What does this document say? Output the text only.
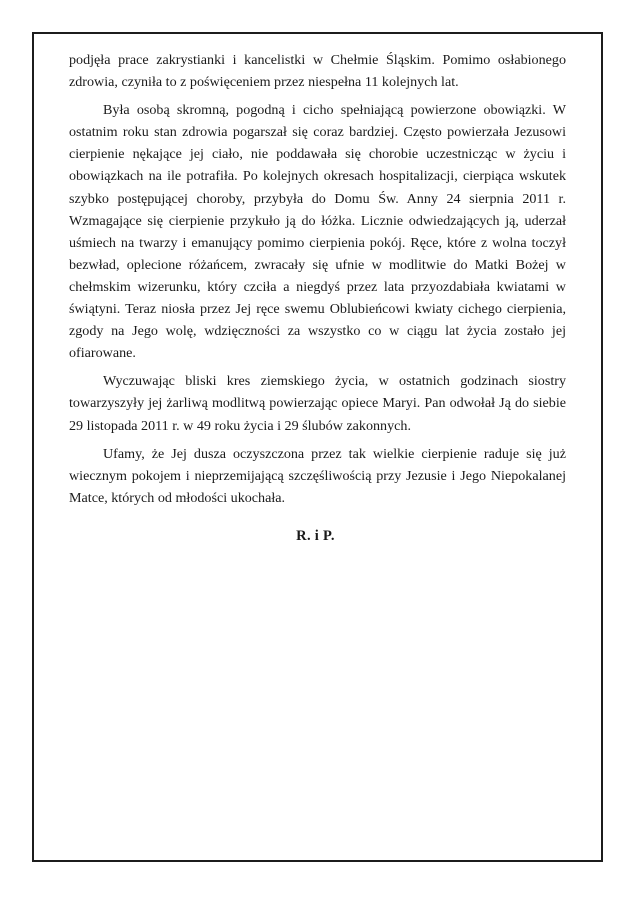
podjęła prace zakrystianki i kancelistki w Chełmie Śląskim. Pomimo osłabionego zdrowia, czyniła to z poświęceniem przez niespełna 11 kolejnych lat.

Była osobą skromną, pogodną i cicho spełniającą powierzone obowiązki. W ostatnim roku stan zdrowia pogarszał się coraz bardziej. Często powierzała Jezusowi cierpienie nękające jej ciało, nie poddawała się chorobie uczestnicząc w życiu i obowiązkach na ile potrafiła. Po kolejnych okresach hospitalizacji, cierpiąca wskutek szybko postępującej choroby, przybyła do Domu Św. Anny 24 sierpnia 2011 r. Wzmagające się cierpienie przykuło ją do łóżka. Licznie odwiedzających ją, uderzał uśmiech na twarzy i emanujący pomimo cierpienia pokój. Ręce, które z wolna toczył bezwład, oplecione różańcem, zwracały się ufnie w modlitwie do Matki Bożej w chełmskim wizerunku, który czciła a niegdyś przez lata przyozdabiała kwiatami w świątyni. Teraz niosła przez Jej ręce swemu Oblubieńcowi kwiaty cichego cierpienia, zgody na Jego wolę, wdzięczności za wszystko co w ciągu lat życia zostało jej ofiarowane.

Wyczuwając bliski kres ziemskiego życia, w ostatnich godzinach siostry towarzyszyły jej żarliwą modlitwą powierzając opiece Maryi. Pan odwołał Ją do siebie 29 listopada 2011 r. w 49 roku życia i 29 ślubów zakonnych.

Ufamy, że Jej dusza oczyszczona przez tak wielkie cierpienie raduje się już wiecznym pokojem i nieprzemijającą szczęśliwością przy Jezusie i Jego Niepokalanej Matce, których od młodości ukochała.

R. i P.
